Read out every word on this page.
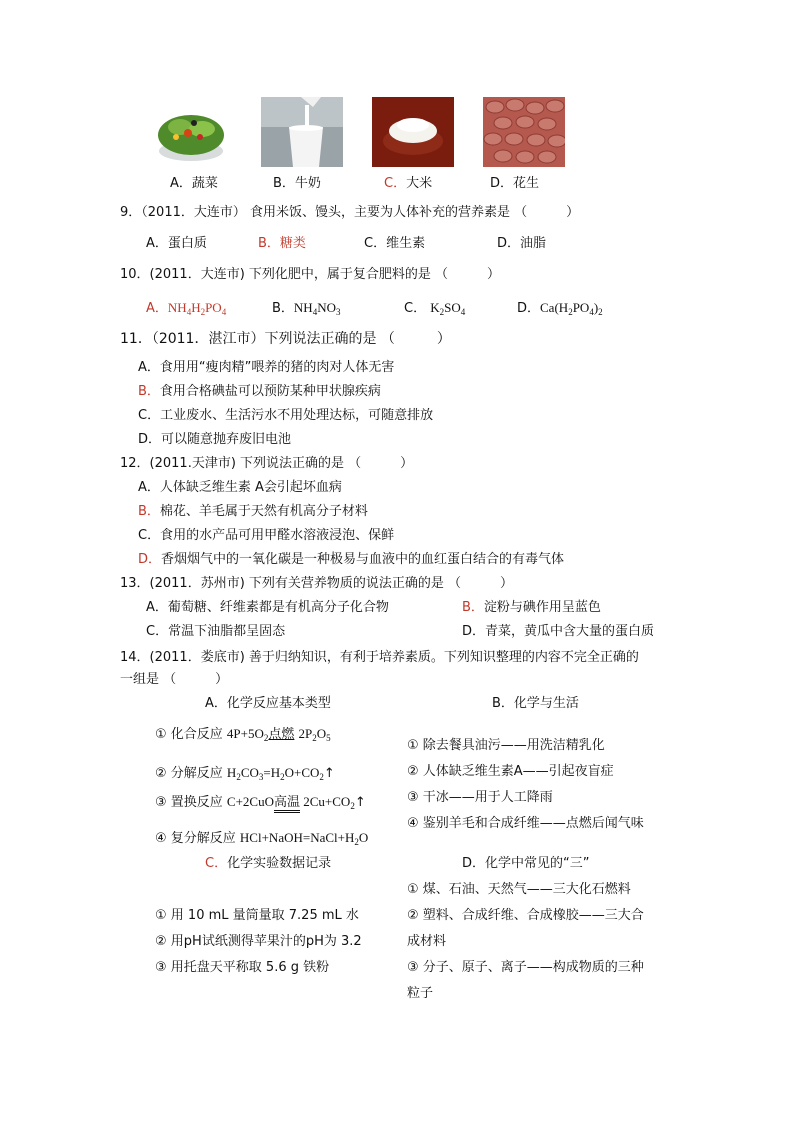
A．蔬菜	B．牛奶	C．大米	D．花生
9．（2011．大连市） 食用米饭、馒头，主要为人体补充的营养素是 （　　　）
A．蛋白质	B．糖类	C．维生素	D．油脂
10．(2011．大连市) 下列化肥中，属于复合肥料的是 （　　　）
A．$NH_4H_2PO_4$	B．$NH_4NO_3$	C． $K_2SO_4$	D．$Ca(H_2PO_4)_2$
11．（2011．湛江市）下列说法正确的是 （　　　）
A．食用用“瘦肉精”喂养的猪的肉对人体无害
B．食用合格碘盐可以预防某种甲状腺疾病
C．工业废水、生活污水不用处理达标，可随意排放
D．可以随意抛弃废旧电池
12．(2011.天津市) 下列说法正确的是 （　　　）
A．人体缺乏维生素 A会引起坏血病
B．棉花、羊毛属于天然有机高分子材料
C．食用的水产品可用甲醛水溶液浸泡、保鲜
D．香烟烟气中的一氧化碳是一种极易与血液中的血红蛋白结合的有毒气体
13．(2011．苏州市) 下列有关营养物质的说法正确的是 （　　　）
A．葡萄糖、纤维素都是有机高分子化合物	B．淀粉与碘作用呈蓝色
C．常温下油脂都呈固态	D．青菜，黄瓜中含大量的蛋白质
14．(2011．娄底市) 善于归纳知识，有利于培养素质。下列知识整理的内容不完全正确的
一组是 （　　　）
A．化学反应基本类型
① 化合反应 $4P+5O_2$点燃 $2P_2O_5$
② 分解反应 $H_2CO_3=H_2O+CO_2↑$
③ 置换反应 C+2CuO高温 $2Cu+CO_2↑$
④ 复分解反应 $HCl+NaOH=NaCl+H_2O$
B．化学与生活
① 除去餐具油污——用洗洁精乳化
② 人体缺乏维生素A——引起夜盲症
③ 干冰——用于人工降雨
④ 鉴别羊毛和合成纤维——点燃后闻气味
C．化学实验数据记录
① 用 10 mL 量筒量取 7.25 mL 水
② 用pH试纸测得苹果汁的pH为 3.2
③ 用托盘天平称取 5.6 g 铁粉
D．化学中常见的“三”
① 煤、石油、天然气——三大化石燃料
② 塑料、合成纤维、合成橡胶——三大合
成材料
③ 分子、原子、离子——构成物质的三种
粒子
